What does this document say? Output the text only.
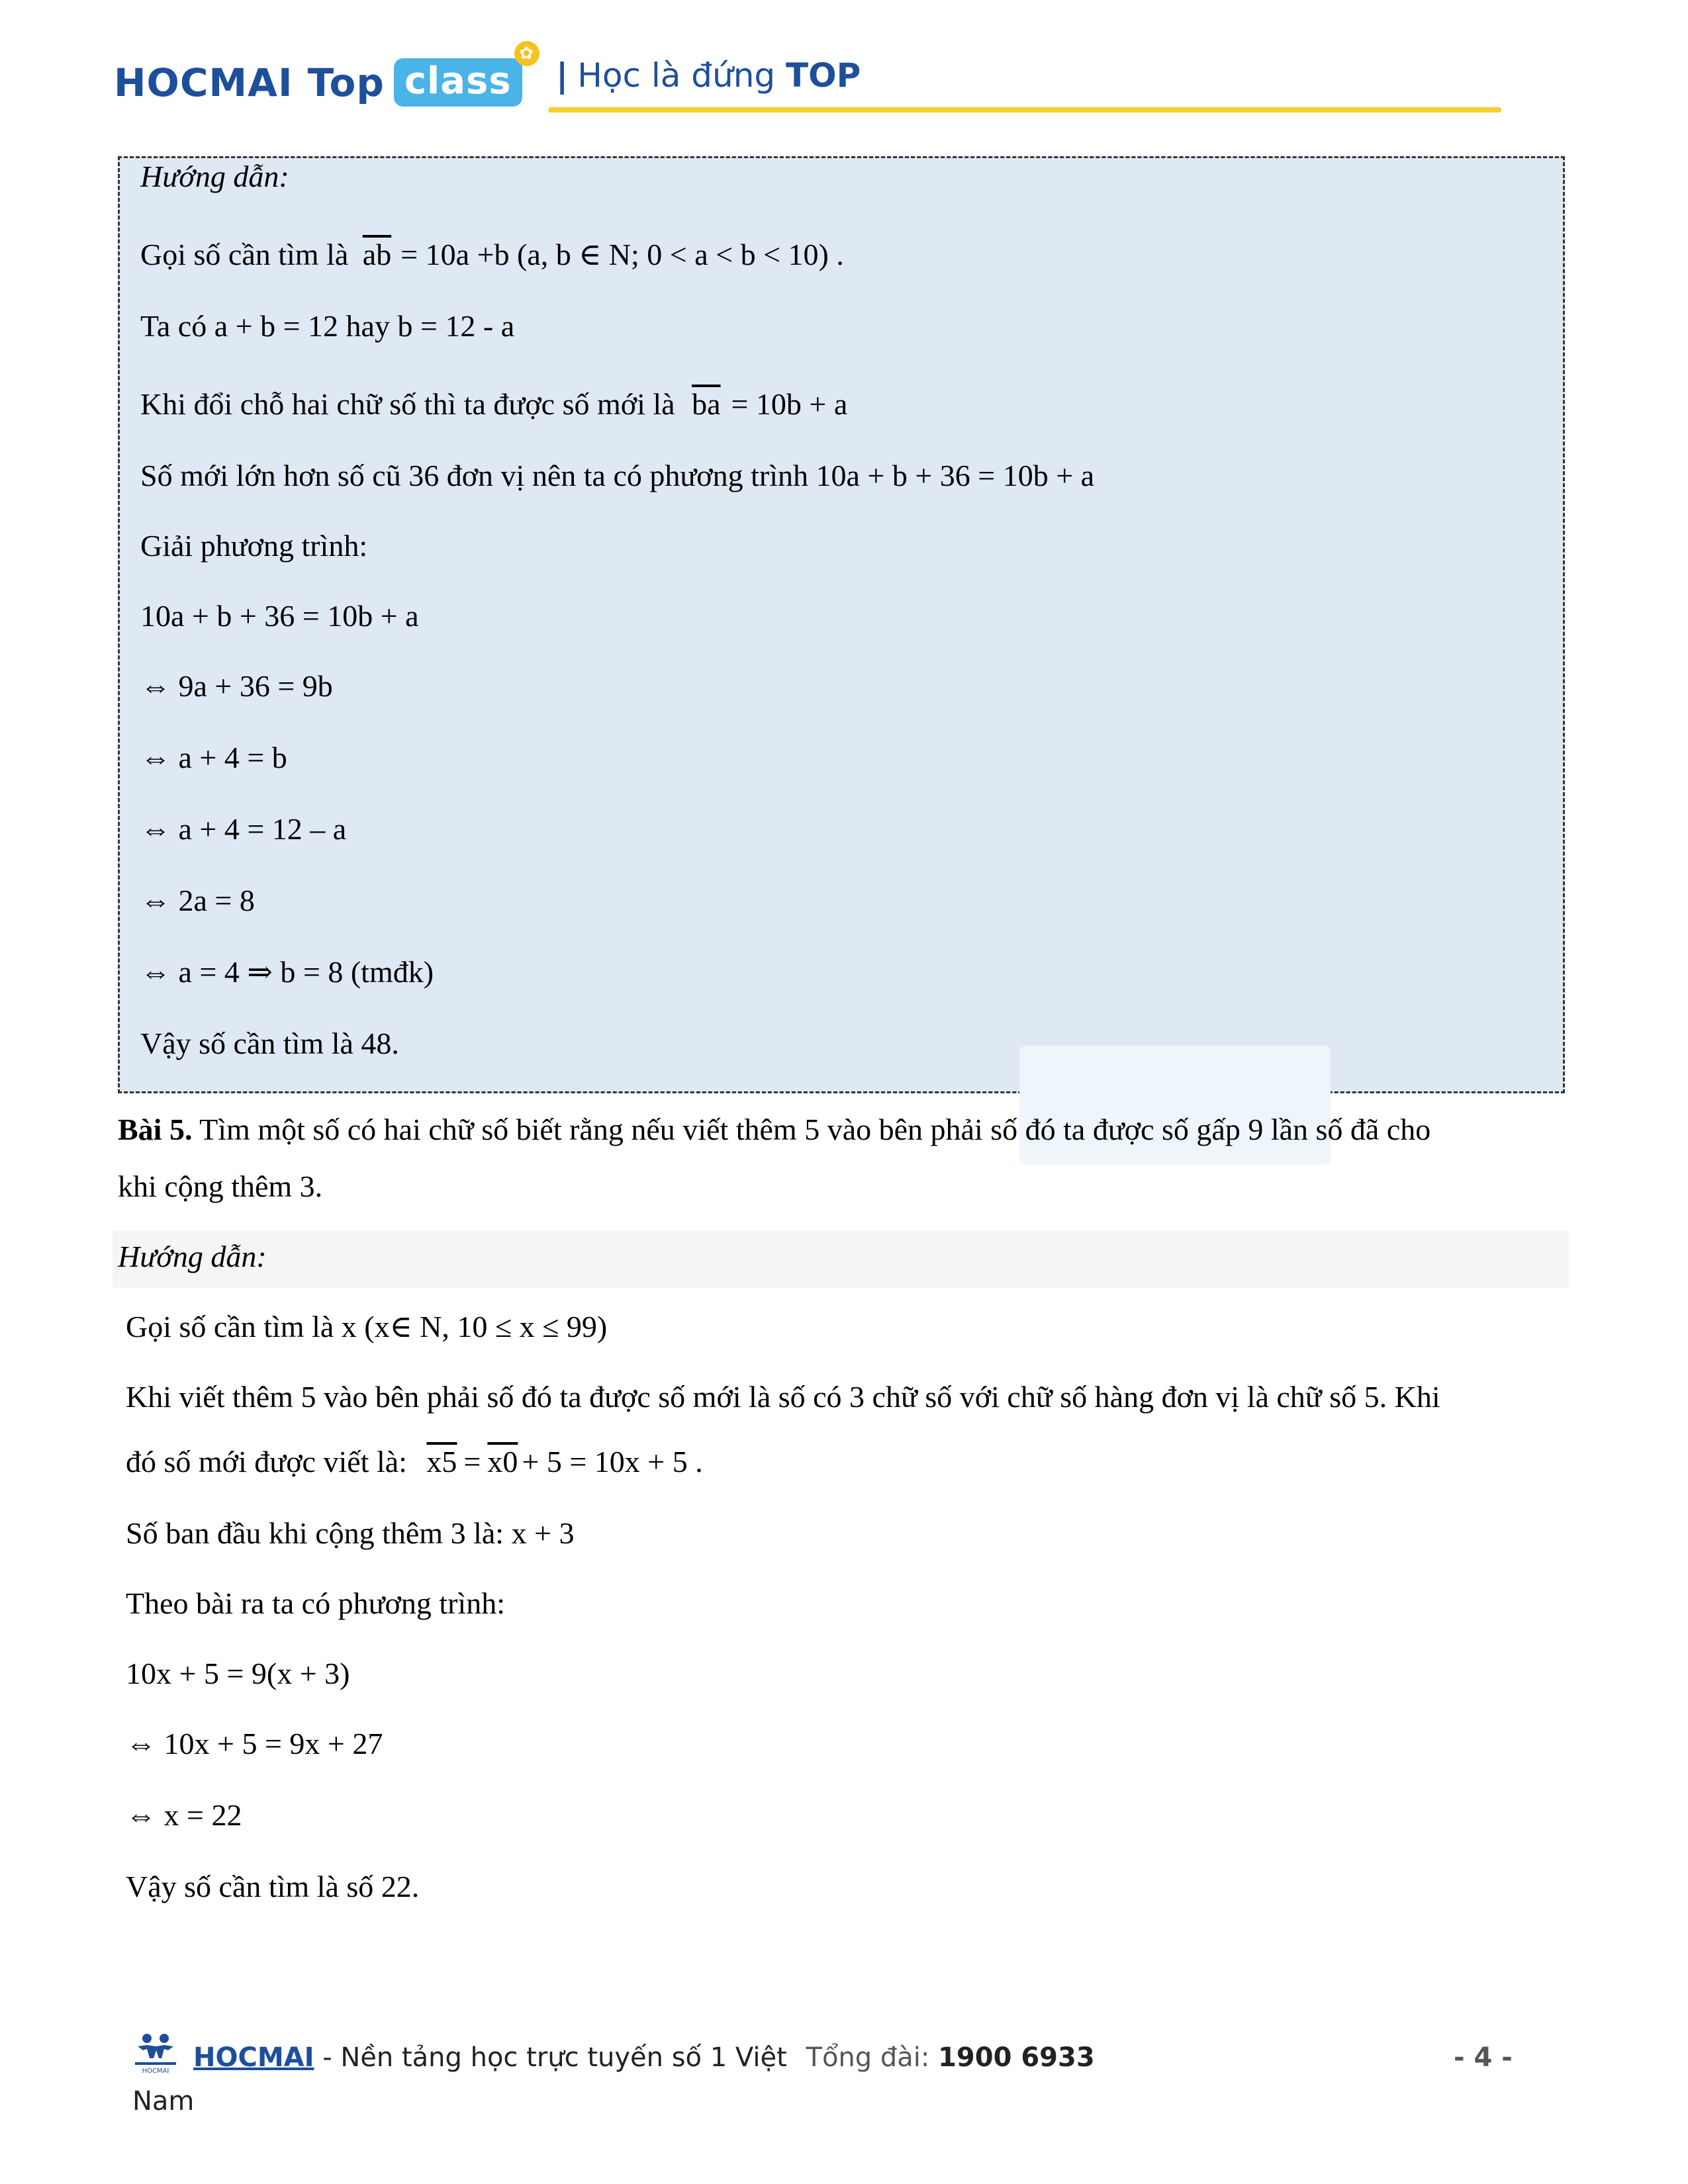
HOCMAI Top class
✿
| Học là đứng TOP
Hướng dẫn:
Gọi số cần tìm là $\overline{ab} = 10a +b$ (a, b ∈ N; 0 < a < b < 10) .
Ta có a + b = 12 hay b = 12 - a
Khi đổi chỗ hai chữ số thì ta được số mới là $\overline{ba} = 10b + a$
Số mới lớn hơn số cũ 36 đơn vị nên ta có phương trình 10a + b + 36 = 10b + a
Giải phương trình:
10a + b + 36 = 10b + a
⇔ 9a + 36 = 9b
⇔ a + 4 = b
⇔ a + 4 = 12 – a
⇔ 2a = 8
⇔ a = 4 ⇒ b = 8 (tmđk)
Vậy số cần tìm là 48.
Bài 5. Tìm một số có hai chữ số biết rằng nếu viết thêm 5 vào bên phải số đó ta được số gấp 9 lần số đã cho
khi cộng thêm 3.
Hướng dẫn:
Gọi số cần tìm là x (x∈ N, 10 ≤ x ≤ 99)
Khi viết thêm 5 vào bên phải số đó ta được số mới là số có 3 chữ số với chữ số hàng đơn vị là chữ số 5. Khi
đó số mới được viết là: x5 = x0 + 5 = 10x + 5 .
Số ban đầu khi cộng thêm 3 là: x + 3
Theo bài ra ta có phương trình:
10x + 5 = 9(x + 3)
⇔ 10x + 5 = 9x + 27
⇔ x = 22
Vậy số cần tìm là số 22.
HOCMAI HOCMAI - Nền tảng học trực tuyến số 1 Việt Tổng đài: 1900 6933
Nam
- 4 -
